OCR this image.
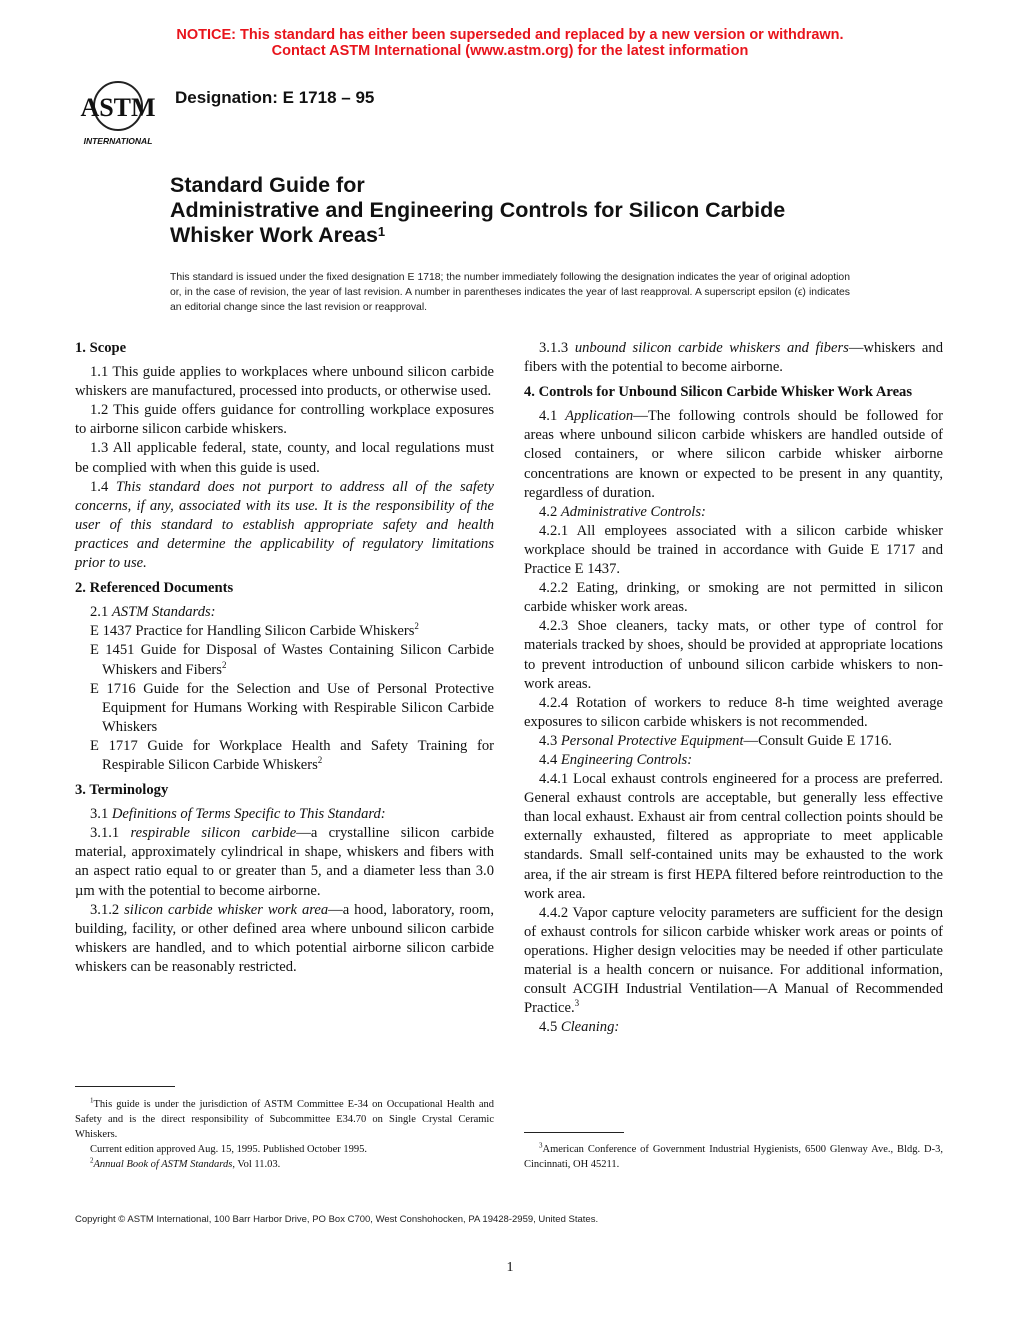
NOTICE: This standard has either been superseded and replaced by a new version or withdrawn.
Contact ASTM International (www.astm.org) for the latest information
ASTM
INTERNATIONAL
Designation: E 1718 – 95
Standard Guide for
Administrative and Engineering Controls for Silicon Carbide
Whisker Work Areas$^1$
This standard is issued under the fixed designation E 1718; the number immediately following the designation indicates the year of original adoption or, in the case of revision, the year of last revision. A number in parentheses indicates the year of last reapproval. A superscript epsilon (ϵ) indicates an editorial change since the last revision or reapproval.

1. Scope

1.1 This guide applies to workplaces where unbound silicon carbide whiskers are manufactured, processed into products, or otherwise used.

1.2 This guide offers guidance for controlling workplace exposures to airborne silicon carbide whiskers.

1.3 All applicable federal, state, county, and local regulations must be complied with when this guide is used.

1.4 This standard does not purport to address all of the safety concerns, if any, associated with its use. It is the responsibility of the user of this standard to establish appropriate safety and health practices and determine the applicability of regulatory limitations prior to use.

2. Referenced Documents

2.1 ASTM Standards:

E 1437 Practice for Handling Silicon Carbide Whiskers$^2$

E 1451 Guide for Disposal of Wastes Containing Silicon Carbide Whiskers and Fibers$^2$

E 1716 Guide for the Selection and Use of Personal Protective Equipment for Humans Working with Respirable Silicon Carbide Whiskers

E 1717 Guide for Workplace Health and Safety Training for Respirable Silicon Carbide Whiskers$^2$

3. Terminology

3.1 Definitions of Terms Specific to This Standard:

3.1.1 respirable silicon carbide—a crystalline silicon carbide material, approximately cylindrical in shape, whiskers and fibers with an aspect ratio equal to or greater than 5, and a diameter less than 3.0 µm with the potential to become airborne.

3.1.2 silicon carbide whisker work area—a hood, laboratory, room, building, facility, or other defined area where unbound silicon carbide whiskers are handled, and to which potential airborne silicon carbide whiskers can be reasonably restricted.

3.1.3 unbound silicon carbide whiskers and fibers—whiskers and fibers with the potential to become airborne.

4. Controls for Unbound Silicon Carbide Whisker Work Areas

4.1 Application—The following controls should be followed for areas where unbound silicon carbide whiskers are handled outside of closed containers, or where silicon carbide whisker airborne concentrations are known or expected to be present in any quantity, regardless of duration.

4.2 Administrative Controls:

4.2.1 All employees associated with a silicon carbide whisker workplace should be trained in accordance with Guide E 1717 and Practice E 1437.

4.2.2 Eating, drinking, or smoking are not permitted in silicon carbide whisker work areas.

4.2.3 Shoe cleaners, tacky mats, or other type of control for materials tracked by shoes, should be provided at appropriate locations to prevent introduction of unbound silicon carbide whiskers to non-work areas.

4.2.4 Rotation of workers to reduce 8-h time weighted average exposures to silicon carbide whiskers is not recommended.

4.3 Personal Protective Equipment—Consult Guide E 1716.

4.4 Engineering Controls:

4.4.1 Local exhaust controls engineered for a process are preferred. General exhaust controls are acceptable, but generally less effective than local exhaust. Exhaust air from central collection points should be externally exhausted, filtered as appropriate to meet applicable standards. Small self-contained units may be exhausted to the work area, if the air stream is first HEPA filtered before reintroduction to the work area.

4.4.2 Vapor capture velocity parameters are sufficient for the design of exhaust controls for silicon carbide whisker work areas or points of operations. Higher design velocities may be needed if other particulate material is a health concern or nuisance. For additional information, consult ACGIH Industrial Ventilation—A Manual of Recommended Practice.$^3$

4.5 Cleaning:

$^1$This guide is under the jurisdiction of ASTM Committee E-34 on Occupational Health and Safety and is the direct responsibility of Subcommittee E34.70 on Single Crystal Ceramic Whiskers.

Current edition approved Aug. 15, 1995. Published October 1995.

$^2$Annual Book of ASTM Standards, Vol 11.03.

$^3$American Conference of Government Industrial Hygienists, 6500 Glenway Ave., Bldg. D-3, Cincinnati, OH 45211.

Copyright © ASTM International, 100 Barr Harbor Drive, PO Box C700, West Conshohocken, PA 19428-2959, United States.
1
